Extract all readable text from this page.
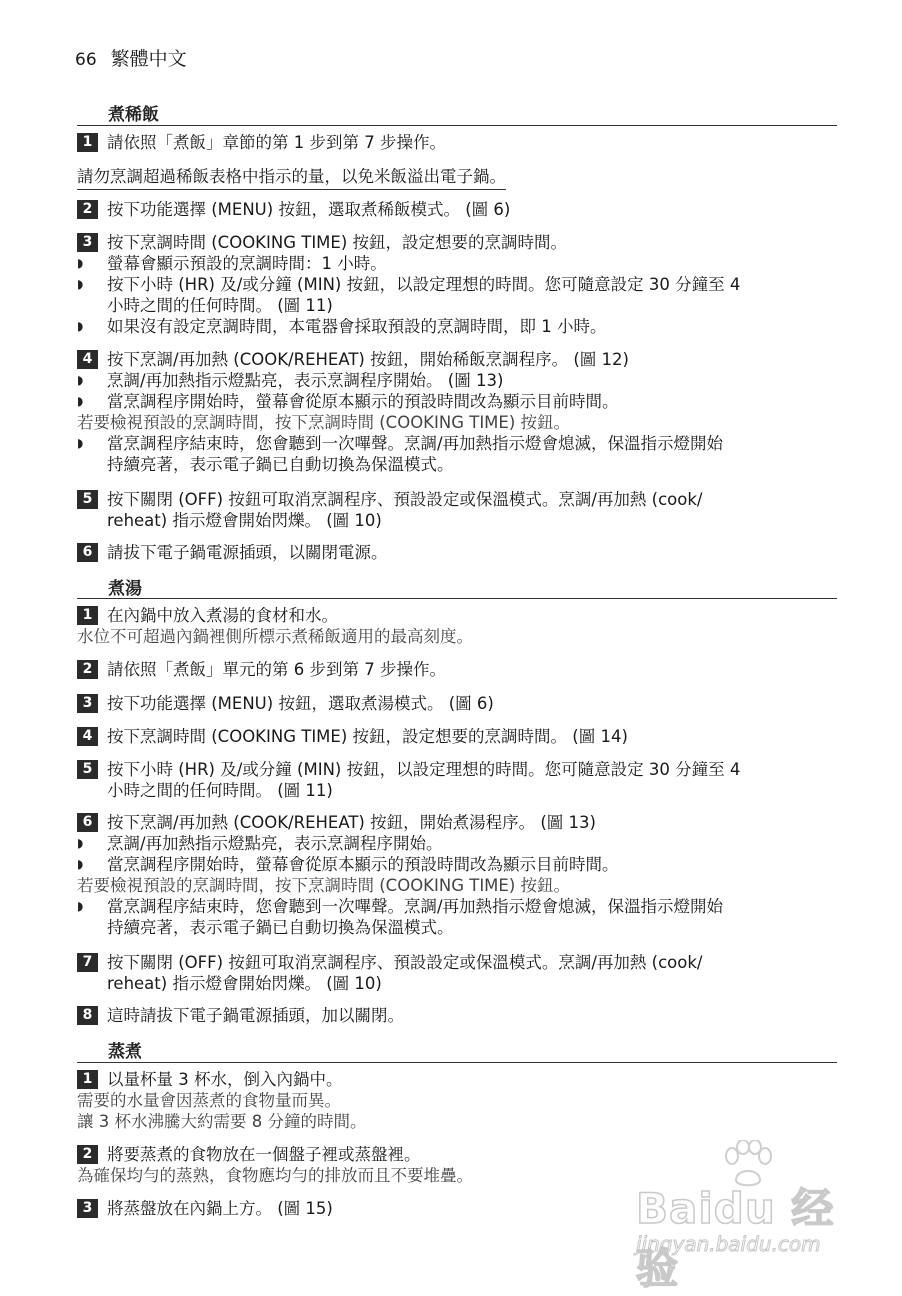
66 繁體中文
煮稀飯
1 請依照「煮飯」章節的第 1 步到第 7 步操作。
請勿烹調超過稀飯表格中指示的量，以免米飯溢出電子鍋。
2 按下功能選擇 (MENU) 按鈕，選取煮稀飯模式。 (圖 6)
3 按下烹調時間 (COOKING TIME) 按鈕，設定想要的烹調時間。
◗	螢幕會顯示預設的烹調時間：1 小時。
◗	按下小時 (HR) 及/或分鐘 (MIN) 按鈕，以設定理想的時間。您可隨意設定 30 分鐘至 4
小時之間的任何時間。 (圖 11)
◗	如果沒有設定烹調時間，本電器會採取預設的烹調時間，即 1 小時。
4 按下烹調/再加熱 (COOK/REHEAT) 按鈕，開始稀飯烹調程序。 (圖 12)
◗	烹調/再加熱指示燈點亮，表示烹調程序開始。 (圖 13)
◗	當烹調程序開始時，螢幕會從原本顯示的預設時間改為顯示目前時間。
若要檢視預設的烹調時間，按下烹調時間 (COOKING TIME) 按鈕。
◗	當烹調程序結束時，您會聽到一次嗶聲。烹調/再加熱指示燈會熄滅，保溫指示燈開始
持續亮著，表示電子鍋已自動切換為保溫模式。
5 按下關閉 (OFF) 按鈕可取消烹調程序、預設設定或保溫模式。烹調/再加熱 (cook/
reheat) 指示燈會開始閃爍。 (圖 10)
6 請拔下電子鍋電源插頭，以關閉電源。
煮湯
1 在內鍋中放入煮湯的食材和水。
水位不可超過內鍋裡側所標示煮稀飯適用的最高刻度。
2 請依照「煮飯」單元的第 6 步到第 7 步操作。
3 按下功能選擇 (MENU) 按鈕，選取煮湯模式。 (圖 6)
4 按下烹調時間 (COOKING TIME) 按鈕，設定想要的烹調時間。 (圖 14)
5 按下小時 (HR) 及/或分鐘 (MIN) 按鈕，以設定理想的時間。您可隨意設定 30 分鐘至 4
小時之間的任何時間。 (圖 11)
6 按下烹調/再加熱 (COOK/REHEAT) 按鈕，開始煮湯程序。 (圖 13)
◗	烹調/再加熱指示燈點亮，表示烹調程序開始。
◗	當烹調程序開始時，螢幕會從原本顯示的預設時間改為顯示目前時間。
若要檢視預設的烹調時間，按下烹調時間 (COOKING TIME) 按鈕。
◗	當烹調程序結束時，您會聽到一次嗶聲。烹調/再加熱指示燈會熄滅，保溫指示燈開始
持續亮著，表示電子鍋已自動切換為保溫模式。
7 按下關閉 (OFF) 按鈕可取消烹調程序、預設設定或保溫模式。烹調/再加熱 (cook/
reheat) 指示燈會開始閃爍。 (圖 10)
8 這時請拔下電子鍋電源插頭，加以關閉。
蒸煮
1 以量杯量 3 杯水，倒入內鍋中。
需要的水量會因蒸煮的食物量而異。
讓 3 杯水沸騰大約需要 8 分鐘的時間。
2 將要蒸煮的食物放在一個盤子裡或蒸盤裡。
為確保均勻的蒸熟，食物應均勻的排放而且不要堆疊。
3 將蒸盤放在內鍋上方。 (圖 15)	Baidu 经验
jingyan.baidu.com
